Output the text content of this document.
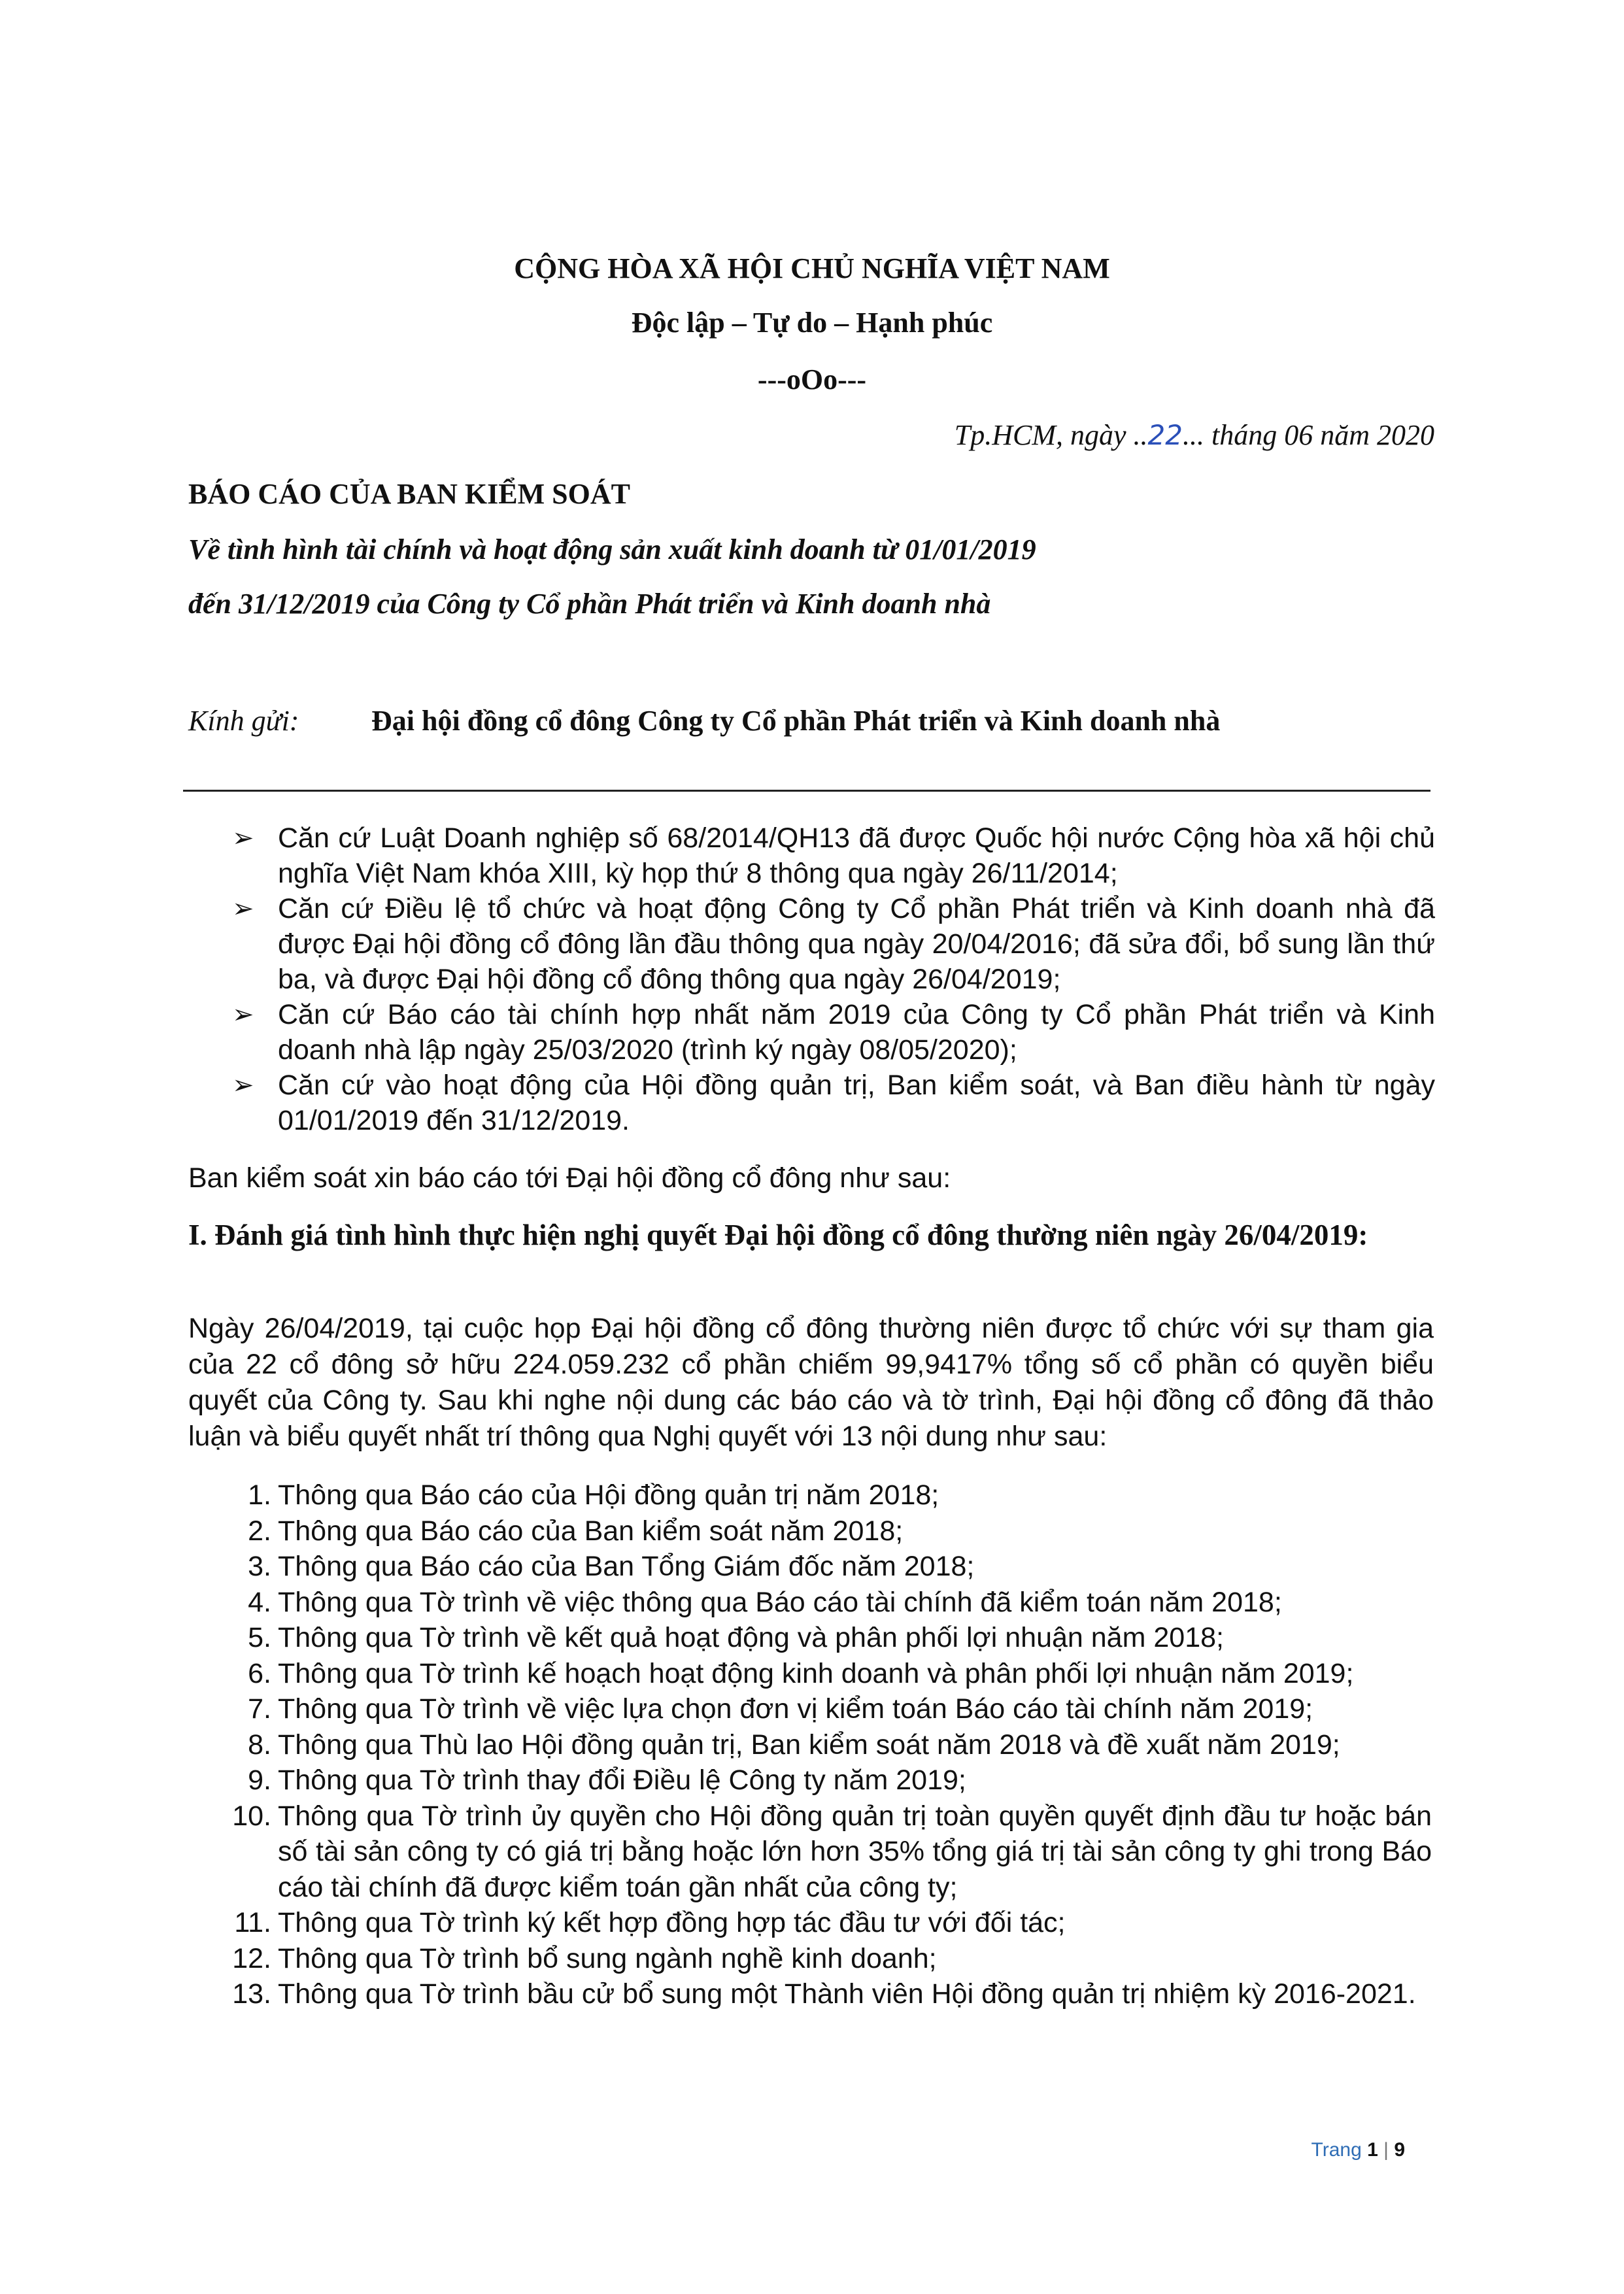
CỘNG HÒA XÃ HỘI CHỦ NGHĨA VIỆT NAM
Độc lập – Tự do – Hạnh phúc
---oOo---
Tp.HCM, ngày ..22... tháng 06 năm 2020
BÁO CÁO CỦA BAN KIỂM SOÁT
Về tình hình tài chính và hoạt động sản xuất kinh doanh từ 01/01/2019
đến 31/12/2019 của Công ty Cổ phần Phát triển và Kinh doanh nhà
Kính gửi:	Đại hội đồng cổ đông Công ty Cổ phần Phát triển và Kinh doanh nhà
➢ Căn cứ Luật Doanh nghiệp số 68/2014/QH13 đã được Quốc hội nước Cộng hòa xã hội chủ nghĩa Việt Nam khóa XIII, kỳ họp thứ 8 thông qua ngày 26/11/2014;
➢ Căn cứ Điều lệ tổ chức và hoạt động Công ty Cổ phần Phát triển và Kinh doanh nhà đã được Đại hội đồng cổ đông lần đầu thông qua ngày 20/04/2016; đã sửa đổi, bổ sung lần thứ ba, và được Đại hội đồng cổ đông thông qua ngày 26/04/2019;
➢ Căn cứ Báo cáo tài chính hợp nhất năm 2019 của Công ty Cổ phần Phát triển và Kinh doanh nhà lập ngày 25/03/2020 (trình ký ngày 08/05/2020);
➢ Căn cứ vào hoạt động của Hội đồng quản trị, Ban kiểm soát, và Ban điều hành từ ngày 01/01/2019 đến 31/12/2019.
Ban kiểm soát xin báo cáo tới Đại hội đồng cổ đông như sau:
I. Đánh giá tình hình thực hiện nghị quyết Đại hội đồng cổ đông thường niên ngày 26/04/2019:
Ngày 26/04/2019, tại cuộc họp Đại hội đồng cổ đông thường niên được tổ chức với sự tham gia của 22 cổ đông sở hữu 224.059.232 cổ phần chiếm 99,9417% tổng số cổ phần có quyền biểu quyết của Công ty. Sau khi nghe nội dung các báo cáo và tờ trình, Đại hội đồng cổ đông đã thảo luận và biểu quyết nhất trí thông qua Nghị quyết với 13 nội dung như sau:
1. Thông qua Báo cáo của Hội đồng quản trị năm 2018;
2. Thông qua Báo cáo của Ban kiểm soát năm 2018;
3. Thông qua Báo cáo của Ban Tổng Giám đốc năm 2018;
4. Thông qua Tờ trình về việc thông qua Báo cáo tài chính đã kiểm toán năm 2018;
5. Thông qua Tờ trình về kết quả hoạt động và phân phối lợi nhuận năm 2018;
6. Thông qua Tờ trình kế hoạch hoạt động kinh doanh và phân phối lợi nhuận năm 2019;
7. Thông qua Tờ trình về việc lựa chọn đơn vị kiểm toán Báo cáo tài chính năm 2019;
8. Thông qua Thù lao Hội đồng quản trị, Ban kiểm soát năm 2018 và đề xuất năm 2019;
9. Thông qua Tờ trình thay đổi Điều lệ Công ty năm 2019;
10. Thông qua Tờ trình ủy quyền cho Hội đồng quản trị toàn quyền quyết định đầu tư hoặc bán số tài sản công ty có giá trị bằng hoặc lớn hơn 35% tổng giá trị tài sản công ty ghi trong Báo cáo tài chính đã được kiểm toán gần nhất của công ty;
11. Thông qua Tờ trình ký kết hợp đồng hợp tác đầu tư với đối tác;
12. Thông qua Tờ trình bổ sung ngành nghề kinh doanh;
13. Thông qua Tờ trình bầu cử bổ sung một Thành viên Hội đồng quản trị nhiệm kỳ 2016-2021.
Trang 1 | 9
